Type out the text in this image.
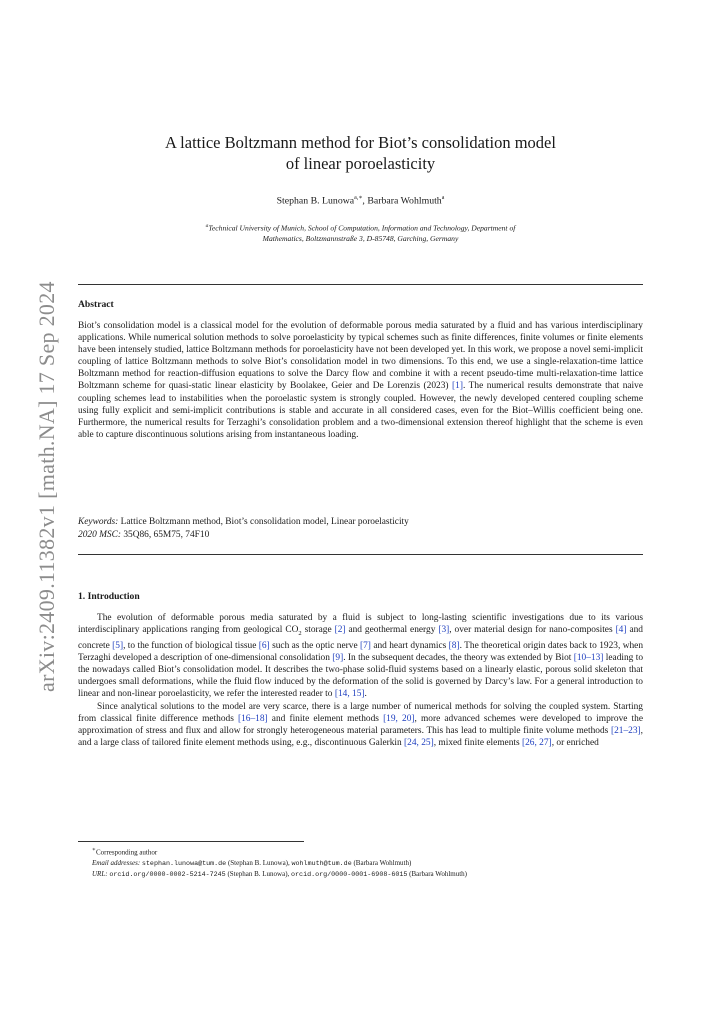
arXiv:2409.11382v1 [math.NA] 17 Sep 2024
A lattice Boltzmann method for Biot’s consolidation model
of linear poroelasticity
Stephan B. Lunowa$^{a,∗}$, Barbara Wohlmuth$^a$
$^a$Technical University of Munich, School of Computation, Information and Technology, Department of
Mathematics, Boltzmannstraße 3, D-85748, Garching, Germany
Abstract
Biot’s consolidation model is a classical model for the evolution of deformable porous media saturated by a fluid and has various interdisciplinary applications. While numerical solution methods to solve poroelasticity by typical schemes such as finite differences, finite volumes or finite elements have been intensely studied, lattice Boltzmann methods for poroelasticity have not been developed yet. In this work, we propose a novel semi-implicit coupling of lattice Boltzmann methods to solve Biot’s consolidation model in two dimensions. To this end, we use a single-relaxation-time lattice Boltzmann method for reaction-diffusion equations to solve the Darcy flow and combine it with a recent pseudo-time multi-relaxation-time lattice Boltzmann scheme for quasi-static linear elasticity by Boolakee, Geier and De Lorenzis (2023) [1]. The numerical results demonstrate that naive coupling schemes lead to instabilities when the poroelastic system is strongly coupled. However, the newly developed centered coupling scheme using fully explicit and semi-implicit contributions is stable and accurate in all considered cases, even for the Biot–Willis coefficient being one. Furthermore, the numerical results for Terzaghi’s consolidation problem and a two-dimensional extension thereof highlight that the scheme is even able to capture discontinuous solutions arising from instantaneous loading.
Keywords: Lattice Boltzmann method, Biot’s consolidation model, Linear poroelasticity
2020 MSC: 35Q86, 65M75, 74F10
1. Introduction

The evolution of deformable porous media saturated by a fluid is subject to long-lasting scientific investigations due to its various interdisciplinary applications ranging from geological $CO_2$ storage [2] and geothermal energy [3], over material design for nano-composites [4] and concrete [5], to the function of biological tissue [6] such as the optic nerve [7] and heart dynamics [8]. The theoretical origin dates back to 1923, when Terzaghi developed a description of one-dimensional consolidation [9]. In the subsequent decades, the theory was extended by Biot [10–13] leading to the nowadays called Biot’s consolidation model. It describes the two-phase solid-fluid systems based on a linearly elastic, porous solid skeleton that undergoes small deformations, while the fluid flow induced by the deformation of the solid is governed by Darcy’s law. For a general introduction to linear and non-linear poroelasticity, we refer the interested reader to [14, 15].

Since analytical solutions to the model are very scarce, there is a large number of numerical methods for solving the coupled system. Starting from classical finite difference methods [16–18] and finite element methods [19, 20], more advanced schemes were developed to improve the approximation of stress and flux and allow for strongly heterogeneous material parameters. This has lead to multiple finite volume methods [21–23], and a large class of tailored finite element methods using, e.g., discontinuous Galerkin [24, 25], mixed finite elements [26, 27], or enriched

∗Corresponding author
Email addresses: stephan.lunowa@tum.de (Stephan B. Lunowa), wohlmuth@tum.de (Barbara Wohlmuth)
URL: orcid.org/0000-0002-5214-7245 (Stephan B. Lunowa), orcid.org/0000-0001-6908-6015 (Barbara Wohlmuth)
